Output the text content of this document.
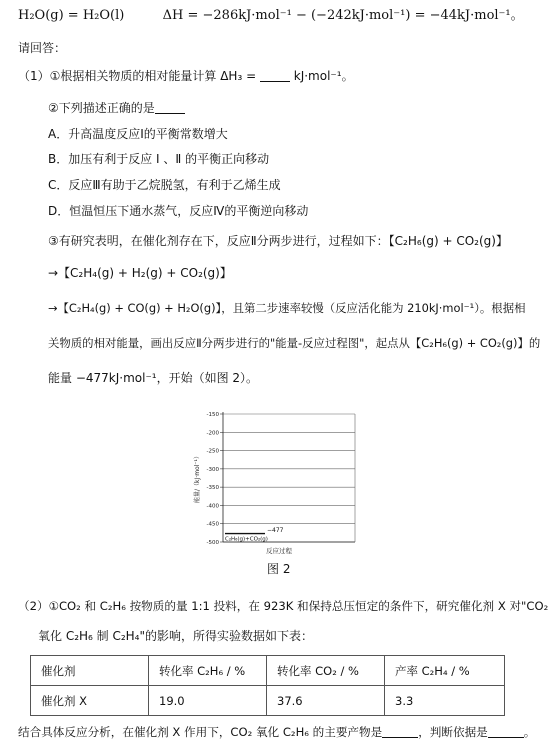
H₂O(g) = H₂O(l)	ΔH = −286kJ·mol⁻¹ − (−242kJ·mol⁻¹) = −44kJ·mol⁻¹。
请回答：
（1）①根据相关物质的相对能量计算 ΔH₃ =	kJ·mol⁻¹。
②下列描述正确的是
A．升高温度反应Ⅰ的平衡常数增大
B．加压有利于反应 Ⅰ 、Ⅱ 的平衡正向移动
C．反应Ⅲ有助于乙烷脱氢，有利于乙烯生成
D．恒温恒压下通水蒸气，反应Ⅳ的平衡逆向移动
③有研究表明，在催化剂存在下，反应Ⅱ分两步进行，过程如下：【C₂H₆(g) + CO₂(g)】
→【C₂H₄(g) + H₂(g) + CO₂(g)】
→【C₂H₄(g) + CO(g) + H₂O(g)】，且第二步速率较慢（反应活化能为 210kJ·mol⁻¹）。根据相
关物质的相对能量，画出反应Ⅱ分两步进行的"能量-反应过程图"，起点从【C₂H₆(g) + CO₂(g)】的
能量 −477kJ·mol⁻¹，开始（如图 2）。
-150
-200
-250
-300
-350
-400
-450
-500
能量/（kJ·mol⁻¹）
反应过程
−477
C₂H₆(g)+CO₂(g)
图 2
（2）①CO₂ 和 C₂H₆ 按物质的量 1:1 投料，在 923K 和保持总压恒定的条件下，研究催化剂 X 对"CO₂
氧化 C₂H₆ 制 C₂H₄"的影响，所得实验数据如下表：
催化剂	转化率 C₂H₆ / %	转化率 CO₂ / %	产率 C₂H₄ / %
催化剂 X	19.0	37.6	3.3
结合具体反应分析，在催化剂 X 作用下，CO₂ 氧化 C₂H₆ 的主要产物是	，判断依据是	。
